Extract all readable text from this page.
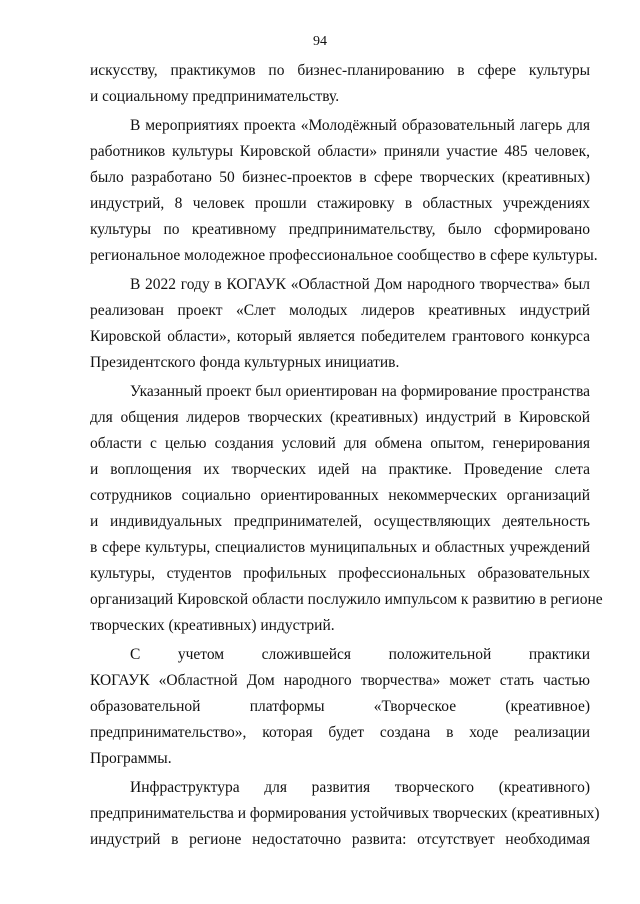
94
искусству, практикумов по бизнес-планированию в сфере культуры
и социальному предпринимательству.
В мероприятиях проекта «Молодёжный образовательный лагерь для
работников культуры Кировской области» приняли участие 485 человек,
было разработано 50 бизнес-проектов в сфере творческих (креативных)
индустрий, 8 человек прошли стажировку в областных учреждениях
культуры по креативному предпринимательству, было сформировано
региональное молодежное профессиональное сообщество в сфере культуры.
В 2022 году в КОГАУК «Областной Дом народного творчества» был
реализован проект «Слет молодых лидеров креативных индустрий
Кировской области», который является победителем грантового конкурса
Президентского фонда культурных инициатив.
Указанный проект был ориентирован на формирование пространства
для общения лидеров творческих (креативных) индустрий в Кировской
области с целью создания условий для обмена опытом, генерирования
и воплощения их творческих идей на практике. Проведение слета
сотрудников социально ориентированных некоммерческих организаций
и индивидуальных предпринимателей, осуществляющих деятельность
в сфере культуры, специалистов муниципальных и областных учреждений
культуры, студентов профильных профессиональных образовательных
организаций Кировской области послужило импульсом к развитию в регионе
творческих (креативных) индустрий.
С учетом сложившейся положительной практики
КОГАУК «Областной Дом народного творчества» может стать частью
образовательной платформы «Творческое (креативное)
предпринимательство», которая будет создана в ходе реализации
Программы.
Инфраструктура для развития творческого (креативного)
предпринимательства и формирования устойчивых творческих (креативных)
индустрий в регионе недостаточно развита: отсутствует необходимая
